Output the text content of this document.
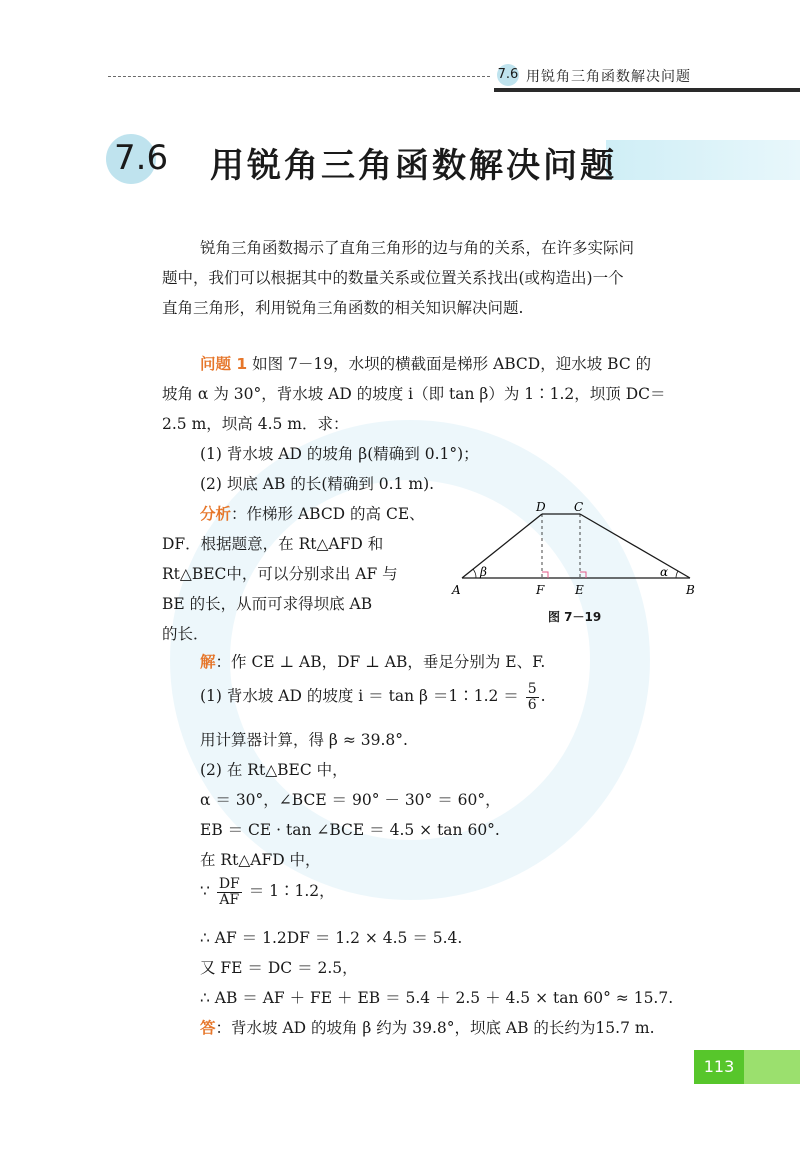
7.6 用锐角三角函数解决问题
7.6 用锐角三角函数解决问题
锐角三角函数揭示了直角三角形的边与角的关系，在许多实际问
题中，我们可以根据其中的数量关系或位置关系找出(或构造出)一个
直角三角形，利用锐角三角函数的相关知识解决问题.
问题 1 如图 7－19，水坝的横截面是梯形 ABCD，迎水坡 BC 的
坡角 α 为 30°，背水坡 AD 的坡度 i（即 tan β）为 1∶1.2，坝顶 DC＝
2.5 m，坝高 4.5 m．求：
(1) 背水坡 AD 的坡角 β(精确到 0.1°)；
(2) 坝底 AB 的长(精确到 0.1 m).
分析：作梯形 ABCD 的高 CE、
DF．根据题意，在 Rt△AFD 和
Rt△BEC中，可以分别求出 AF 与
BE 的长，从而可求得坝底 AB
的长．
A	B
C
D
E
F
β	α
图 7－19
解：作 CE ⊥ AB，DF ⊥ AB，垂足分别为 E、F.
(1) 背水坡 AD 的坡度 i ＝ tan β ＝1∶1.2 ＝ $\frac{5}{6}$ .
用计算器计算，得 β ≈ 39.8°.
(2) 在 Rt△BEC 中，
α ＝ 30°，∠BCE ＝ 90° － 30° ＝ 60°，
EB ＝ CE · tan ∠BCE ＝ 4.5 × tan 60°.
在 Rt△AFD 中，
∵ $\frac{DF}{AF}$ ＝ 1∶1.2，
∴ AF ＝ 1.2DF ＝ 1.2 × 4.5 ＝ 5.4.
又 FE ＝ DC ＝ 2.5，
∴ AB ＝ AF ＋ FE ＋ EB ＝ 5.4 ＋ 2.5 ＋ 4.5 × tan 60° ≈ 15.7.
答：背水坡 AD 的坡角 β 约为 39.8°，坝底 AB 的长约为15.7 m.
113
